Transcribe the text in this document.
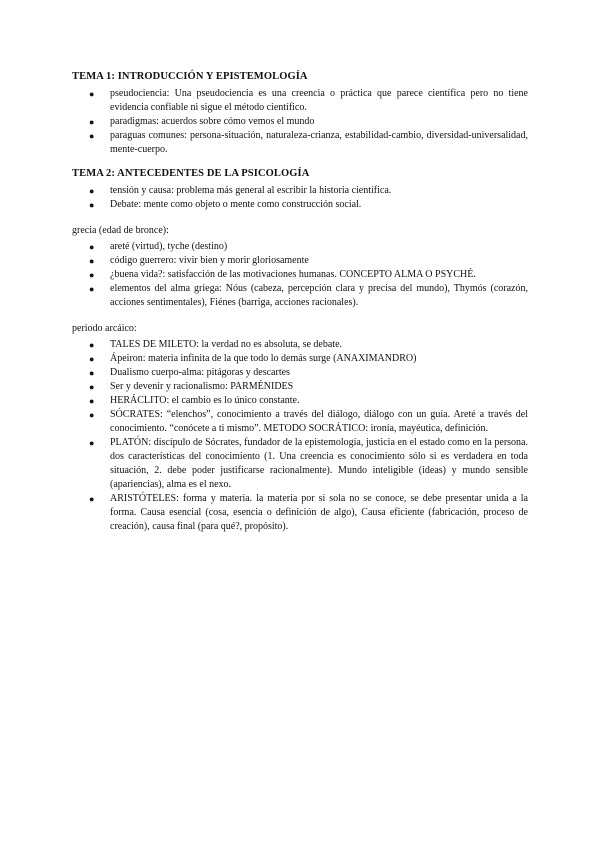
TEMA 1: INTRODUCCIÓN Y EPISTEMOLOGÍA
● pseudociencia: Una pseudociencia es una creencia o práctica que parece científica pero no tiene evidencia confiable ni sigue el método científico.
● paradigmas: acuerdos sobre cómo vemos el mundo
● paraguas comunes: persona-situación, naturaleza-crianza, estabilidad-cambio, diversidad-universalidad, mente-cuerpo.
TEMA 2: ANTECEDENTES DE LA PSICOLOGÍA
● tensión y causa: problema más general al escribir la historia científica.
● Debate: mente como objeto o mente como construcción social.

grecia (edad de bronce):

● areté (virtud), tyche (destino)
● código guerrero: vivir bien y morir gloriosamente
● ¿buena vida?: satisfacción de las motivaciones humanas. CONCEPTO ALMA O PSYCHÉ.
● elementos del alma griega: Nóus (cabeza, percepción clara y precisa del mundo), Thymós (corazón, acciones sentimentales), Fiénes (barriga, acciones racionales).

periodo arcáico:

● TALES DE MILETO: la verdad no es absoluta, se debate.
● Ápeiron: materia infinita de la que todo lo demás surge (ANAXIMANDRO)
● Dualismo cuerpo-alma: pitágoras y descartes
● Ser y devenir y racionalismo: PARMÉNIDES
● HERÁCLITO: el cambio es lo único constante.
● SÓCRATES: “elenchos”, conocimiento a través del diálogo, diálogo con un guía. Areté a través del conocimiento. “conócete a ti mismo”. METODO SOCRÁTICO: ironía, mayéutica, definición.
● PLATÓN: discípulo de Sócrates, fundador de la epistemología, justicia en el estado como en la persona. dos características del conocimiento (1. Una creencia es conocimiento sólo si es verdadera en toda situación, 2. debe poder justificarse racionalmente). Mundo inteligible (ideas) y mundo sensible (apariencias), alma es el nexo.
● ARISTÓTELES: forma y materia. la materia por sí sola no se conoce, se debe presentar unida a la forma. Causa esencial (cosa, esencia o definición de algo), Causa eficiente (fabricación, proceso de creación), causa final (para qué?, propósito).
